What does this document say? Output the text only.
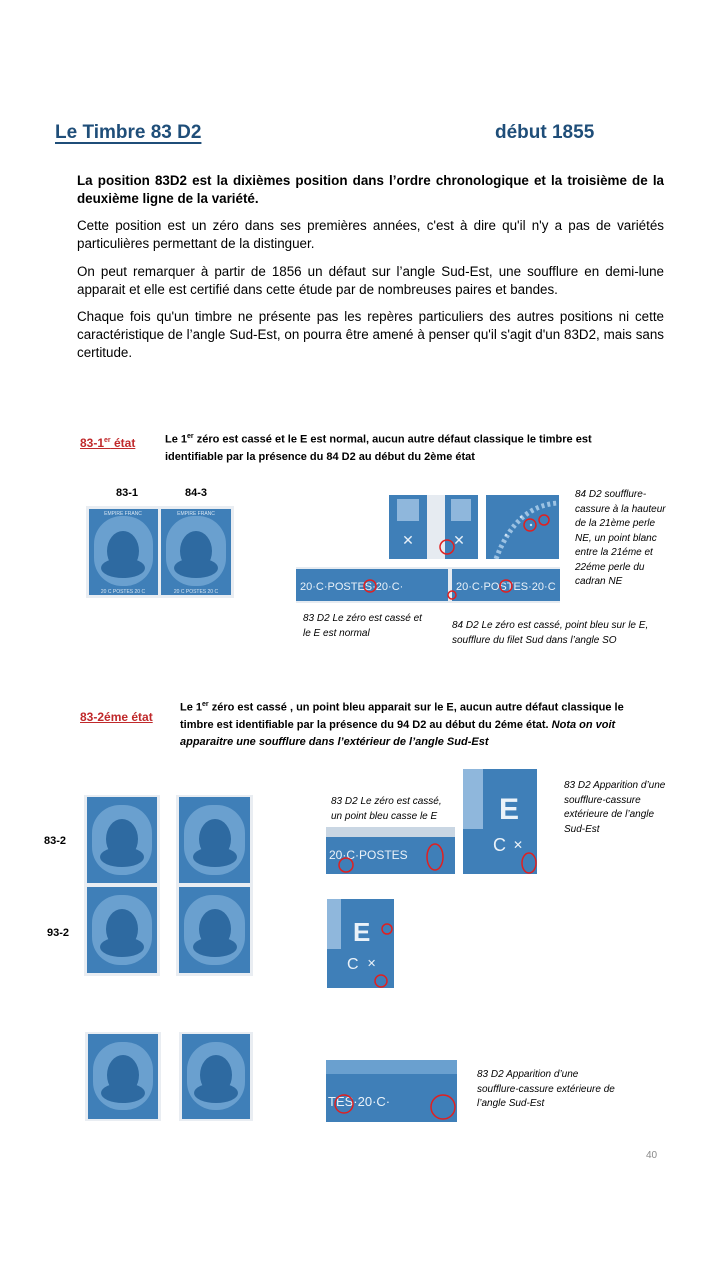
Le Timbre 83 D2	début 1855
La position 83D2 est la dixièmes position dans l’ordre chronologique et la troisième de la deuxième ligne de la variété.
Cette position est un zéro dans ses premières années, c'est à dire qu'il n'y a pas de variétés particulières permettant de la distinguer.
On peut remarquer à partir de 1856 un défaut sur l’angle Sud-Est, une soufflure en demi-lune apparait et elle est certifié dans cette étude par de nombreuses paires et bandes.
Chaque fois qu'un timbre ne présente pas les repères particuliers des autres positions ni cette caractéristique de l’angle Sud-Est, on pourra être amené à penser qu'il s'agit d'un 83D2, mais sans certitude.
83-1er état	Le 1er zéro est cassé et le E est normal, aucun autre défaut classique le timbre est identifiable par la présence du 84 D2 au début du 2ème état
83-1	84-3
EMPIRE FRANC
20 C POSTES 20 C
EMPIRE FRANC
20 C POSTES 20 C
✕	✕
20·C·POSTES·20·C·	20·C·POSTES·20·C
84 D2 soufflure-cassure à la hauteur de la 21ème perle NE, un point blanc entre la 21éme et 22éme perle du cadran NE
83 D2 Le zéro est cassé et le E est normal
84 D2 Le zéro est cassé, point bleu sur le E, soufflure du filet Sud dans l’angle SO
83-2éme état
Le 1er zéro est cassé , un point bleu apparait sur le E, aucun autre défaut classique le timbre est identifiable par la présence du 94 D2 au début du 2éme état. Nota on voit apparaitre une soufflure dans l’extérieur de l’angle Sud-Est
83-2
93-2
20·C·POSTES
E
C ✕
E
C ✕
TES·20·C·
83 D2 Le zéro est cassé, un point bleu casse le E
83 D2 Apparition d’une soufflure-cassure extérieure de l’angle Sud-Est
83 D2 Apparition d’une soufflure-cassure extérieure de l’angle Sud-Est
40
